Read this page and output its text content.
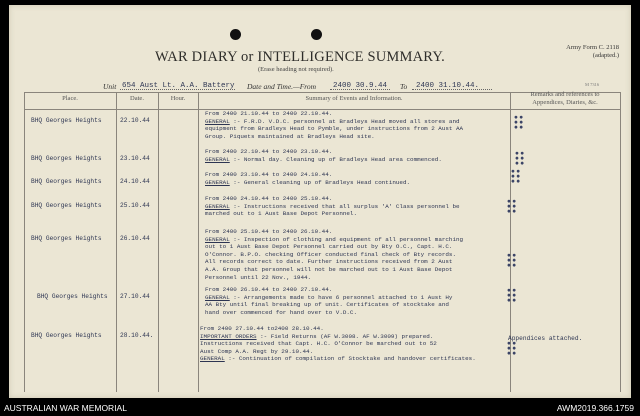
WAR DIARY or INTELLIGENCE SUMMARY.
(Erase heading not required).
Army Form C. 2118
(adapted.)
M 7316
Unit 654 Aust Lt. A.A. Battery Date and Time.—From 2400 30.9.44 To 2400 31.10.44.
Place.	Date.	Hour.	Summary of Events and Information.
Remarks and references to
Appendices, Diaries, &c.
BHQ Georges Heights	22.10.44
From 2400 21.10.44 to 2400 22.10.44.
GENERAL :- F.R.D. V.D.C. personnel at Bradleys Head moved all stores and
equipment from Bradleys Head to Pymble, under instructions from 2 Aust AA
Group. Piquets maintained at Bradleys Head site.
BHQ Georges Heights	23.10.44
From 2400 22.10.44 to 2400 23.10.44.
GENERAL :- Normal day. Cleaning up of Bradleys Head area commenced.
BHQ Georges Heights	24.10.44
From 2400 23.10.44 to 2400 24.10.44.
GENERAL :- General cleaning up of Bradleys Head continued.
BHQ Georges Heights	25.10.44
From 2400 24.10.44 to 2400 25.10.44.
GENERAL :- Instructions received that all surplus 'A' Class personnel be
marched out to 1 Aust Base Depot Personnel.
BHQ Georges Heights	26.10.44
From 2400 25.10.44 to 2400 26.10.44.
GENERAL :- Inspection of clothing and equipment of all personnel marching
out to 1 Aust Base Depot Personnel carried out by Bty O.C., Capt. H.C.
O'Connor. B.P.O. checking Officer conducted final check of Bty records.
All records correct to date. Further instructions received from 2 Aust
A.A. Group that personnel will not be marched out to 1 Aust Base Depot
Personnel until 22 Nov., 1944.
BHQ Georges Heights 27.10.44
From 2400 26.10.44 to 2400 27.10.44.
GENERAL :- Arrangements made to have 6 personnel attached to 1 Aust Hy
AA Bty until final breaking up of unit. Certificates of stocktake and
hand over commenced for hand over to V.D.C.
BHQ Georges Heights	28.10.44.
From 2400 27.10.44 to2400 28.10.44.
IMPORTANT ORDERS :- Field Returns (AF W.3008. AF W.3009) prepared.
Instructions received that Capt. H.C. O'Connor be marched out to 52
Aust Comp A.A. Regt by 29.10.44.
GENERAL :- Continuation of compilation of Stocktake and handover certificates.
Appendices attached.
⠿
⠿
⠿
⠿
⠿
⠿
⠿
AUSTRALIAN WAR MEMORIAL	AWM2019.366.1759
